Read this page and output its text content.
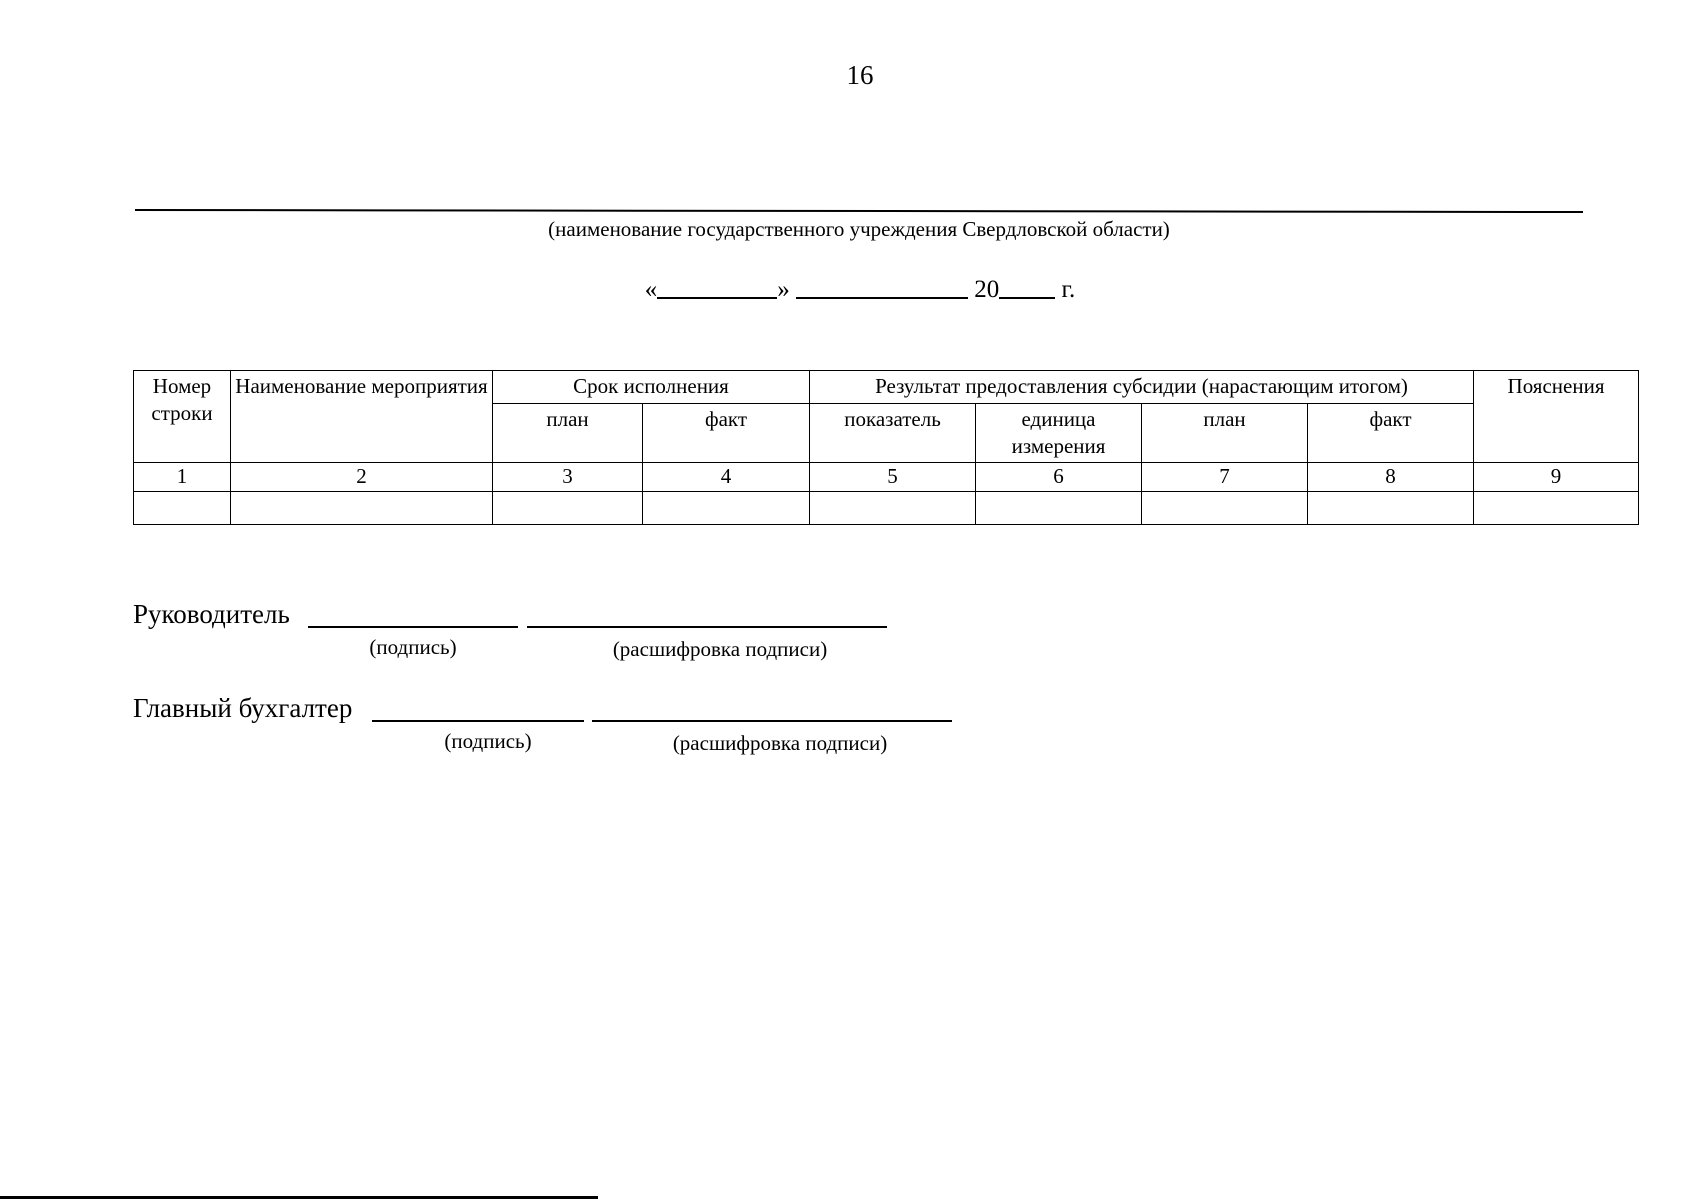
16
(наименование государственного учреждения Свердловской области)
«	»	20 г.
Номер строки	Наименование мероприятия	Срок исполнения		Результат предоставления субсидии (нарастающим итогом)				Пояснения
		план	факт	показатель	единица измерения	план	факт	
1	2	3	4	5	6	7	8	9

Руководитель
(подпись)	(расшифровка подписи)
Главный бухгалтер
(подпись)	(расшифровка подписи)
